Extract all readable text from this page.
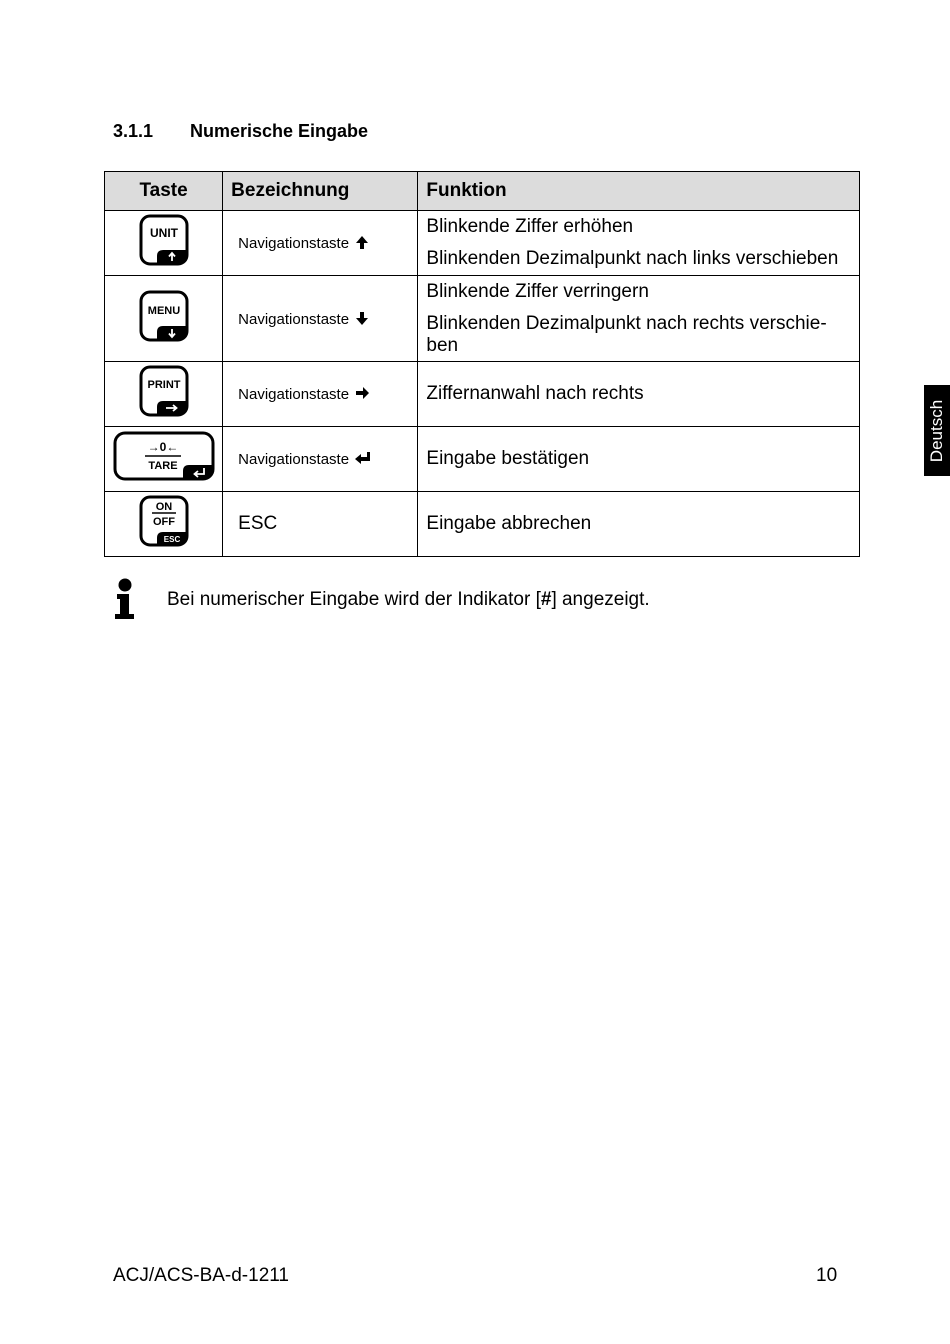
3.1.1 Numerische Eingabe
Taste	Bezeichnung	Funktion

UNIT	Navigationstaste	Blinkende Ziffer erhöhen

Blinkenden Dezimalpunkt nach links verschieben

MENU	Navigationstaste	Blinkende Ziffer verringern

Blinkenden Dezimalpunkt nach rechts verschie-
ben

PRINT	Navigationstaste	Ziffernanwahl nach rechts

→0←
TARE	Navigationstaste	Eingabe bestätigen

ON
OFF
ESC	ESC	Eingabe abbrechen

Deutsch
Bei numerischer Eingabe wird der Indikator [#] angezeigt.
ACJ/ACS-BA-d-1211	10
